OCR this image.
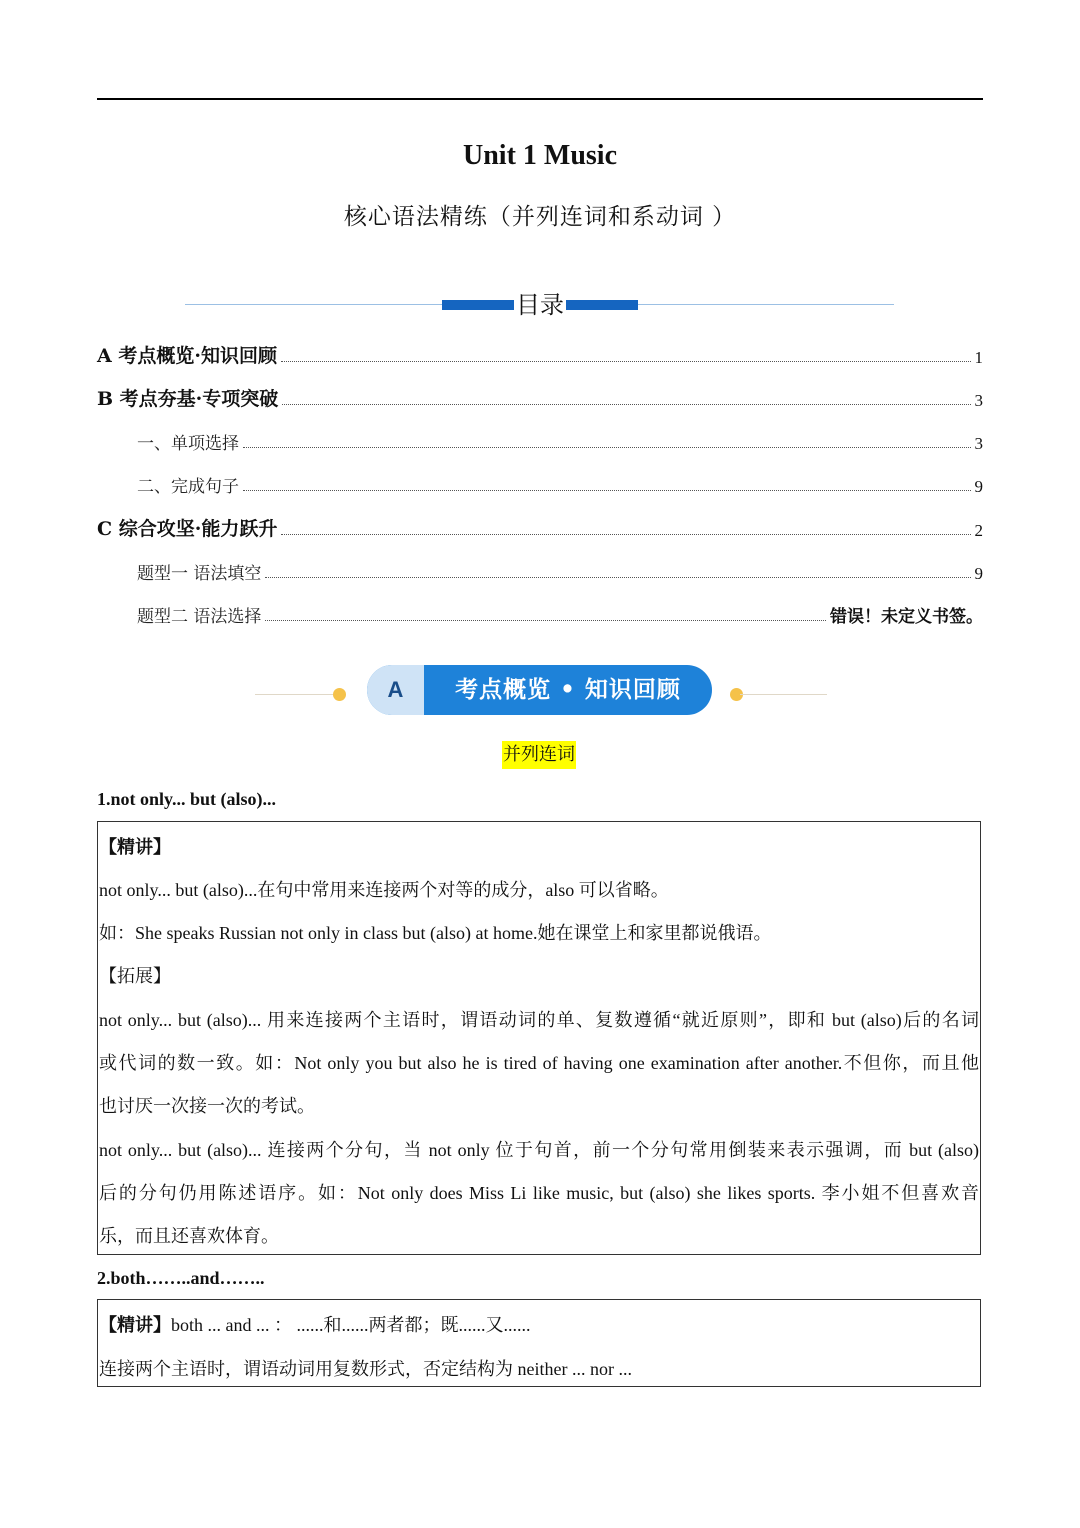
Unit 1 Music
核心语法精练（并列连词和系动词 ）
目录
A 考点概览·知识回顾	1
B 考点夯基·专项突破	3
一、单项选择	3
二、完成句子	9
C 综合攻坚·能力跃升	2
题型一 语法填空	9
题型二 语法选择	错误！未定义书签。
A	考点概览 • 知识回顾
并列连词
1.not only... but (also)...
【精讲】
not only... but (also)...在句中常用来连接两个对等的成分，also 可以省略。
如：She speaks Russian not only in class but (also) at home.她在课堂上和家里都说俄语。
【拓展】
not only... but (also)... 用来连接两个主语时，谓语动词的单、复数遵循“就近原则”，即和 but (also)后的名词
或代词的数一致。如：Not only you but also he is tired of having one examination after another.不但你，而且他
也讨厌一次接一次的考试。
not only... but (also)... 连接两个分句，当 not only 位于句首，前一个分句常用倒装来表示强调，而 but (also)
后的分句仍用陈述语序。如：Not only does Miss Li like music, but (also) she likes sports. 李小姐不但喜欢音
乐，而且还喜欢体育。
2.both……..and……..
【精讲】both ... and ... ： ......和......两者都；既......又......
连接两个主语时，谓语动词用复数形式，否定结构为 neither ... nor ...
